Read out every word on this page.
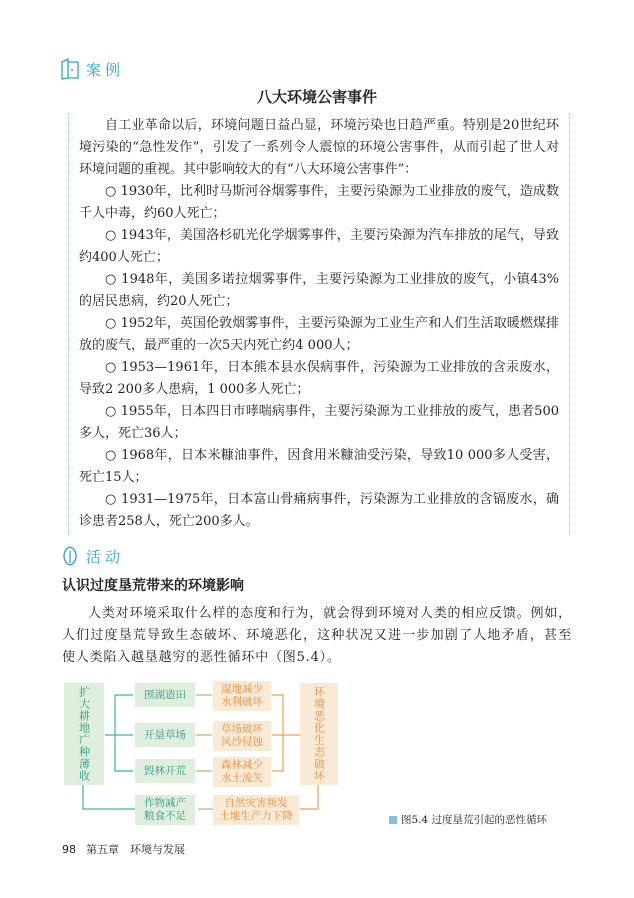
案例
八大环境公害事件

自工业革命以后，环境问题日益凸显，环境污染也日趋严重。特别是20世纪环境污染的“急性发作”，引发了一系列令人震惊的环境公害事件，从而引起了世人对环境问题的重视。其中影响较大的有“八大环境公害事件”：

○ 1930年，比利时马斯河谷烟雾事件，主要污染源为工业排放的废气，造成数千人中毒，约60人死亡；

○ 1943年，美国洛杉矶光化学烟雾事件，主要污染源为汽车排放的尾气，导致约400人死亡；

○ 1948年，美国多诺拉烟雾事件，主要污染源为工业排放的废气，小镇43%的居民患病，约20人死亡；

○ 1952年，英国伦敦烟雾事件，主要污染源为工业生产和人们生活取暖燃煤排放的废气，最严重的一次5天内死亡约4 000人；

○ 1953—1961年，日本熊本县水俣病事件，污染源为工业排放的含汞废水，导致2 200多人患病，1 000多人死亡；

○ 1955年，日本四日市哮喘病事件，主要污染源为工业排放的废气，患者500多人，死亡36人；

○ 1968年，日本米糠油事件，因食用米糠油受污染，导致10 000多人受害，死亡15人；

○ 1931—1975年，日本富山骨痛病事件，污染源为工业排放的含镉废水，确诊患者258人，死亡200多人。

活动
认识过度垦荒带来的环境影响

人类对环境采取什么样的态度和行为，就会得到环境对人类的相应反馈。例如，人们过度垦荒导致生态破坏、环境恶化，这种状况又进一步加剧了人地矛盾，甚至使人类陷入越垦越穷的恶性循环中（图5.4）。

扩大耕地广种薄收	围湖造田
开垦草场
毁林开荒
湿地减少
水利破坏
草场破坏
风沙侵蚀
森林减少
水土流失	环境恶化生态破坏
自然灾害频发
土地生产力下降
作物减产
粮食不足	图5.4 过度垦荒引起的恶性循环
98 第五章　环境与发展
